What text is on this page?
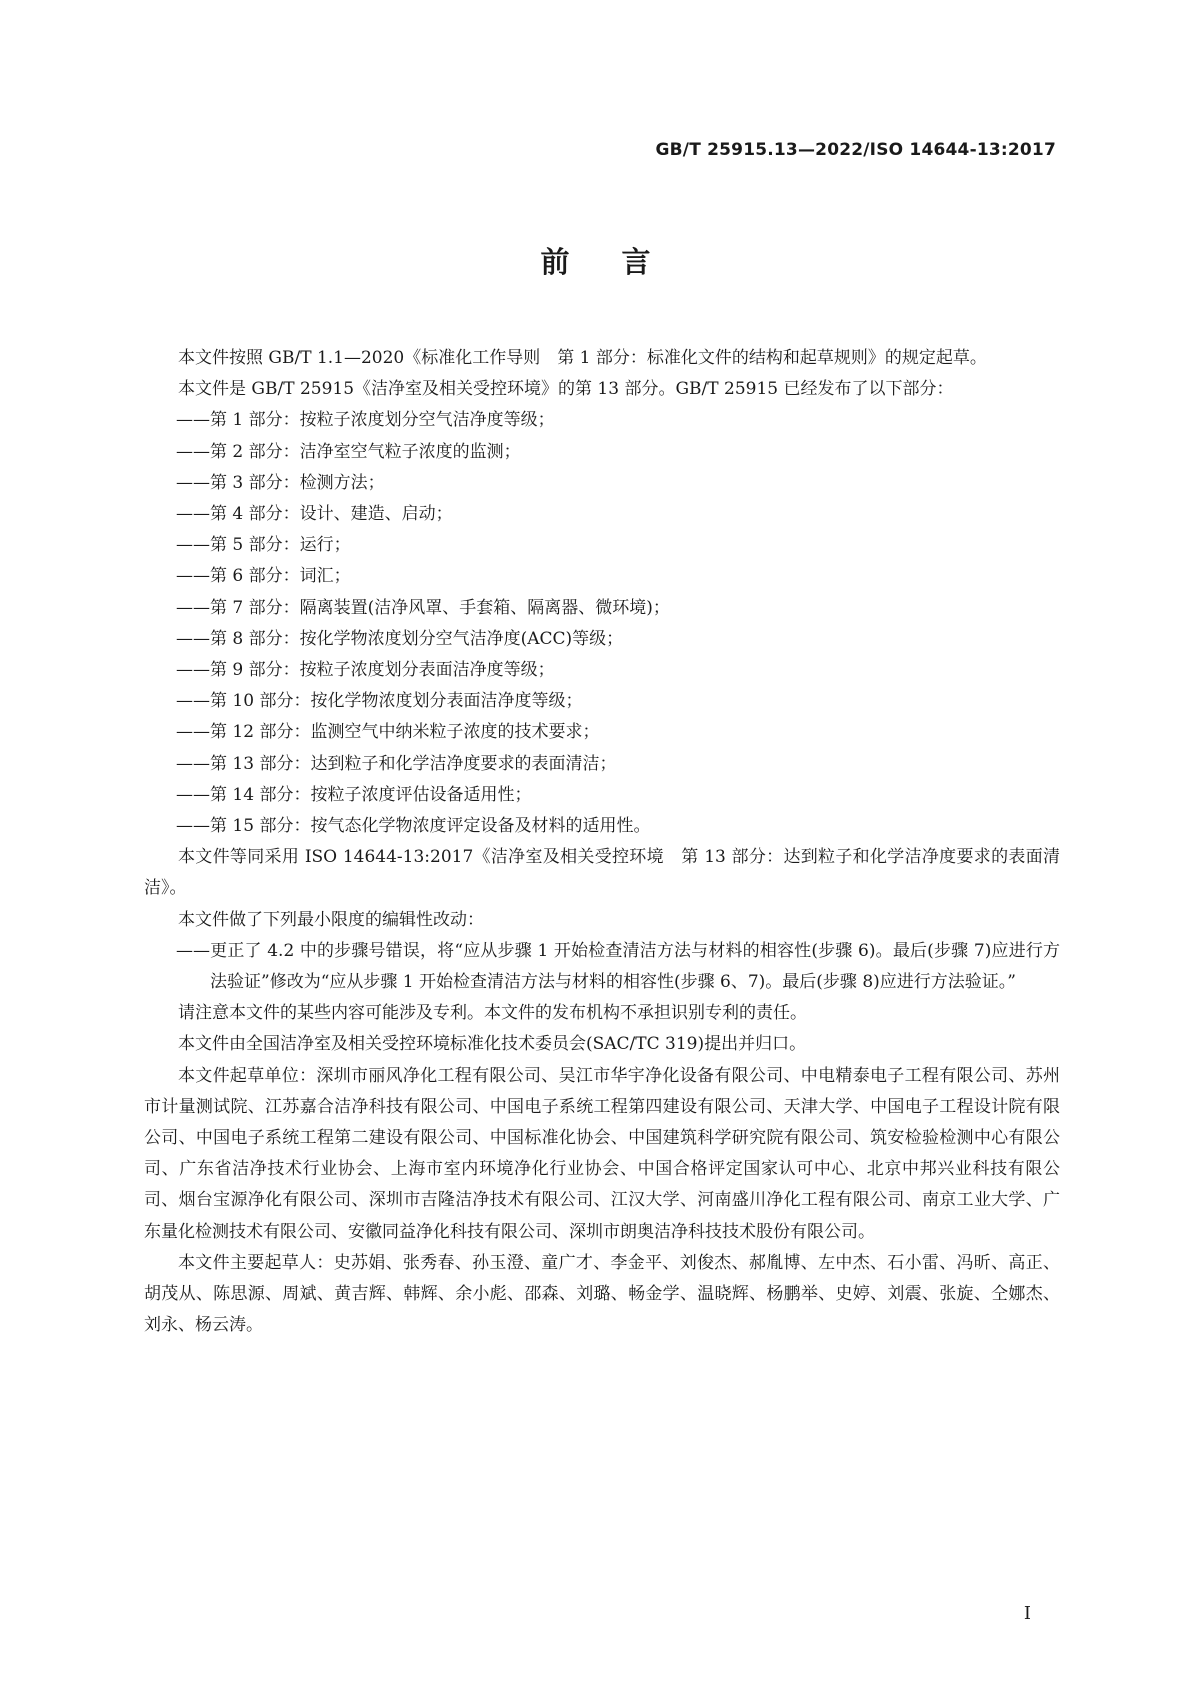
GB/T 25915.13—2022/ISO 14644-13:2017
前言

本文件按照 GB/T 1.1—2020《标准化工作导则　第 1 部分：标准化文件的结构和起草规则》的规定起草。

本文件是 GB/T 25915《洁净室及相关受控环境》的第 13 部分。GB/T 25915 已经发布了以下部分：

——第 1 部分：按粒子浓度划分空气洁净度等级；

——第 2 部分：洁净室空气粒子浓度的监测；

——第 3 部分：检测方法；

——第 4 部分：设计、建造、启动；

——第 5 部分：运行；

——第 6 部分：词汇；

——第 7 部分：隔离装置(洁净风罩、手套箱、隔离器、微环境)；

——第 8 部分：按化学物浓度划分空气洁净度(ACC)等级；

——第 9 部分：按粒子浓度划分表面洁净度等级；

——第 10 部分：按化学物浓度划分表面洁净度等级；

——第 12 部分：监测空气中纳米粒子浓度的技术要求；

——第 13 部分：达到粒子和化学洁净度要求的表面清洁；

——第 14 部分：按粒子浓度评估设备适用性；

——第 15 部分：按气态化学物浓度评定设备及材料的适用性。

本文件等同采用 ISO 14644-13:2017《洁净室及相关受控环境　第 13 部分：达到粒子和化学洁净度要求的表面清洁》。

本文件做了下列最小限度的编辑性改动：

——更正了 4.2 中的步骤号错误，将“应从步骤 1 开始检查清洁方法与材料的相容性(步骤 6)。最后(步骤 7)应进行方法验证”修改为“应从步骤 1 开始检查清洁方法与材料的相容性(步骤 6、7)。最后(步骤 8)应进行方法验证。”

请注意本文件的某些内容可能涉及专利。本文件的发布机构不承担识别专利的责任。

本文件由全国洁净室及相关受控环境标准化技术委员会(SAC/TC 319)提出并归口。

本文件起草单位：深圳市丽风净化工程有限公司、吴江市华宇净化设备有限公司、中电精泰电子工程有限公司、苏州市计量测试院、江苏嘉合洁净科技有限公司、中国电子系统工程第四建设有限公司、天津大学、中国电子工程设计院有限公司、中国电子系统工程第二建设有限公司、中国标准化协会、中国建筑科学研究院有限公司、筑安检验检测中心有限公司、广东省洁净技术行业协会、上海市室内环境净化行业协会、中国合格评定国家认可中心、北京中邦兴业科技有限公司、烟台宝源净化有限公司、深圳市吉隆洁净技术有限公司、江汉大学、河南盛川净化工程有限公司、南京工业大学、广东量化检测技术有限公司、安徽同益净化科技有限公司、深圳市朗奥洁净科技技术股份有限公司。

本文件主要起草人：史苏娟、张秀春、孙玉澄、童广才、李金平、刘俊杰、郝胤博、左中杰、石小雷、冯昕、高正、胡茂从、陈思源、周斌、黄吉辉、韩辉、余小彪、邵森、刘璐、畅金学、温晓辉、杨鹏举、史婷、刘震、张旋、仝娜杰、刘永、杨云涛。

I
